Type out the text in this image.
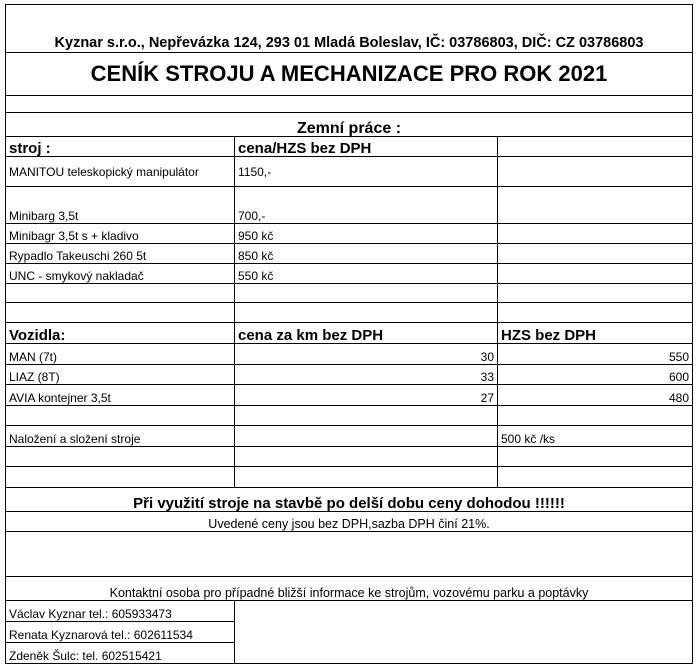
Kyznar s.r.o., Nepřevázka 124, 293 01 Mladá Boleslav, IČ: 03786803, DIČ: CZ 03786803		
CENÍK STROJU A MECHANIZACE PRO ROK 2021		

Zemní práce :		
stroj :	cena/HZS bez DPH	
MANITOU teleskopický manipulátor	1150,-	
Minibarg 3,5t	700,-	
Minibagr 3,5t s + kladivo	950 kč	
Rypadlo Takeuschi 260 5t	850 kč	
UNC - smykový nakladač	550 kč	

Vozidla:	cena za km bez DPH	HZS bez DPH
MAN (7t)	30	550
LIAZ (8T)	33	600
AVIA kontejner 3,5t	27	480

Naložení a složení stroje		500 kč /ks

Při využití stroje na stavbě po delší dobu ceny dohodou !!!!!!		
Uvedené ceny jsou bez DPH,sazba DPH činí 21%.		

Kontaktní osoba pro případné bližší informace ke strojům, vozovému parku a poptávky		
Václav Kyznar tel.: 605933473		
Renata Kyznarová tel.: 602611534		
Zdeněk Šulc: tel. 602515421		
